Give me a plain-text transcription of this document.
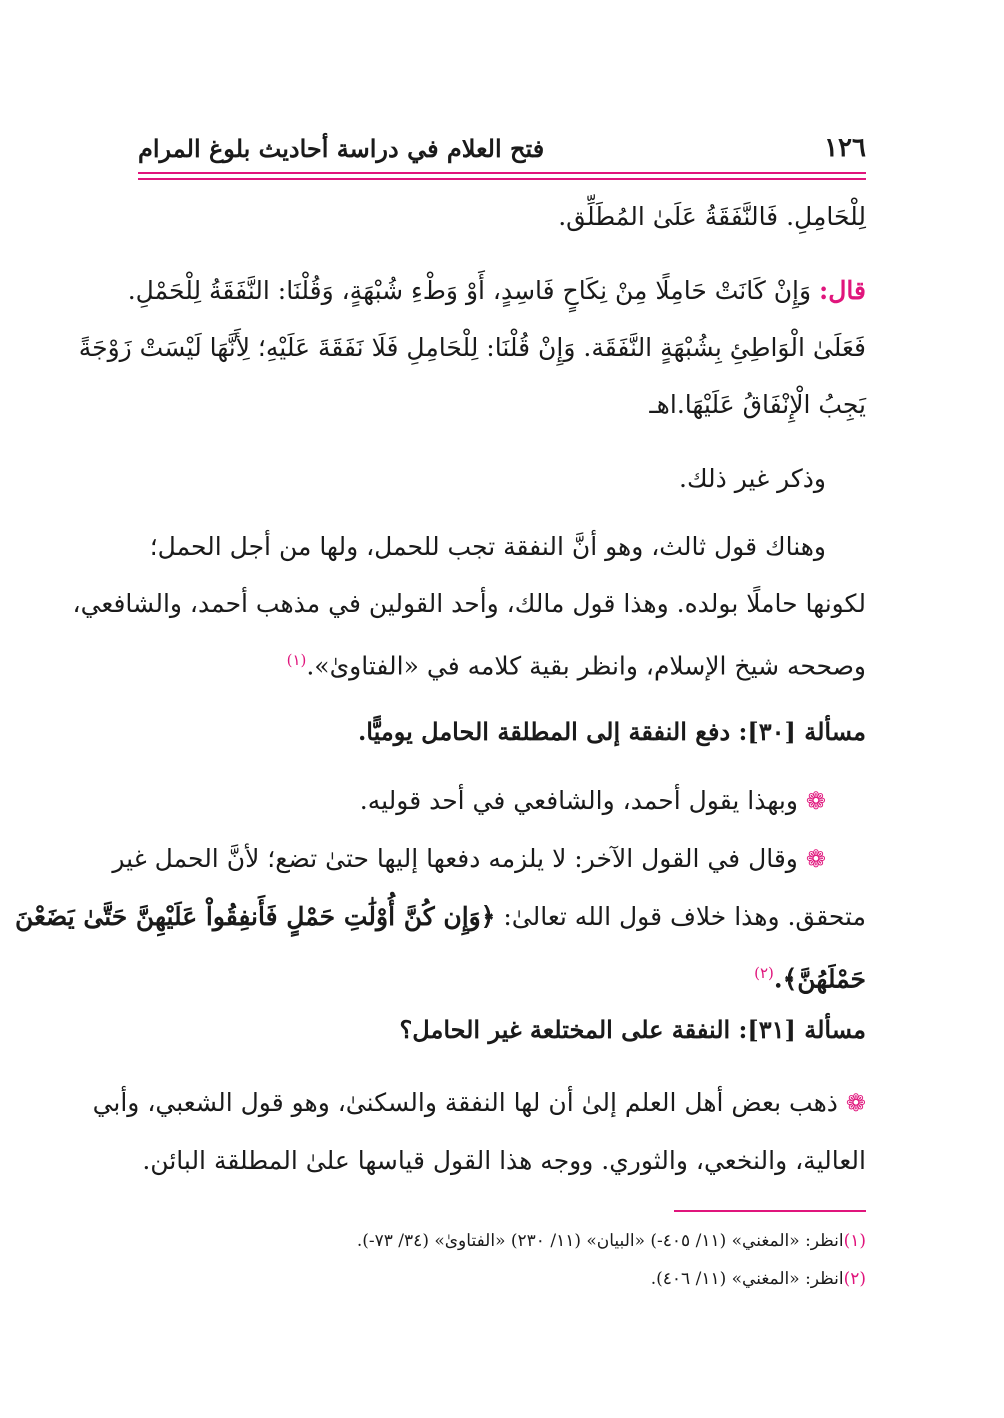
١٢٦
فتح العلام في دراسة أحاديث بلوغ المرام
لِلْحَامِلِ. فَالنَّفَقَةُ عَلَىٰ المُطَلِّق.
قال: وَإِنْ كَانَتْ حَامِلًا مِنْ نِكَاحٍ فَاسِدٍ، أَوْ وَطْءِ شُبْهَةٍ، وَقُلْنَا: النَّفَقَةُ لِلْحَمْلِ.
فَعَلَىٰ الْوَاطِئِ بِشُبْهَةٍ النَّفَقَة. وَإِنْ قُلْنَا: لِلْحَامِلِ فَلَا نَفَقَةَ عَلَيْهِ؛ لِأَنَّهَا لَيْسَتْ زَوْجَةً
يَجِبُ الْإِنْفَاقُ عَلَيْهَا.اهـ
وذكر غير ذلك.
وهناك قول ثالث، وهو أنَّ النفقة تجب للحمل، ولها من أجل الحمل؛
لكونها حاملًا بولده. وهذا قول مالك، وأحد القولين في مذهب أحمد، والشافعي،
وصححه شيخ الإسلام، وانظر بقية كلامه في «الفتاوىٰ».$^{(١)}$
مسألة [٣٠]: دفع النفقة إلى المطلقة الحامل يوميًّا.
❁وبهذا يقول أحمد، والشافعي في أحد قوليه.
❁وقال في القول الآخر: لا يلزمه دفعها إليها حتىٰ تضع؛ لأنَّ الحمل غير
متحقق. وهذا خلاف قول الله تعالىٰ: ﴿وَإِن كُنَّ أُوْلَٰتِ حَمْلٍ فَأَنفِقُواْ عَلَيْهِنَّ حَتَّىٰ يَضَعْنَ
حَمْلَهُنَّ﴾.$^{(٢)}$
مسألة [٣١]: النفقة على المختلعة غير الحامل؟
❁ذهب بعض أهل العلم إلىٰ أن لها النفقة والسكنىٰ، وهو قول الشعبي، وأبي
العالية، والنخعي، والثوري. ووجه هذا القول قياسها علىٰ المطلقة البائن.
(١)انظر: «المغني» (١١/ ٤٠٥-) «البيان» (١١/ ٢٣٠) «الفتاوىٰ» (٣٤/ ٧٣-).
(٢)انظر: «المغني» (١١/ ٤٠٦).
